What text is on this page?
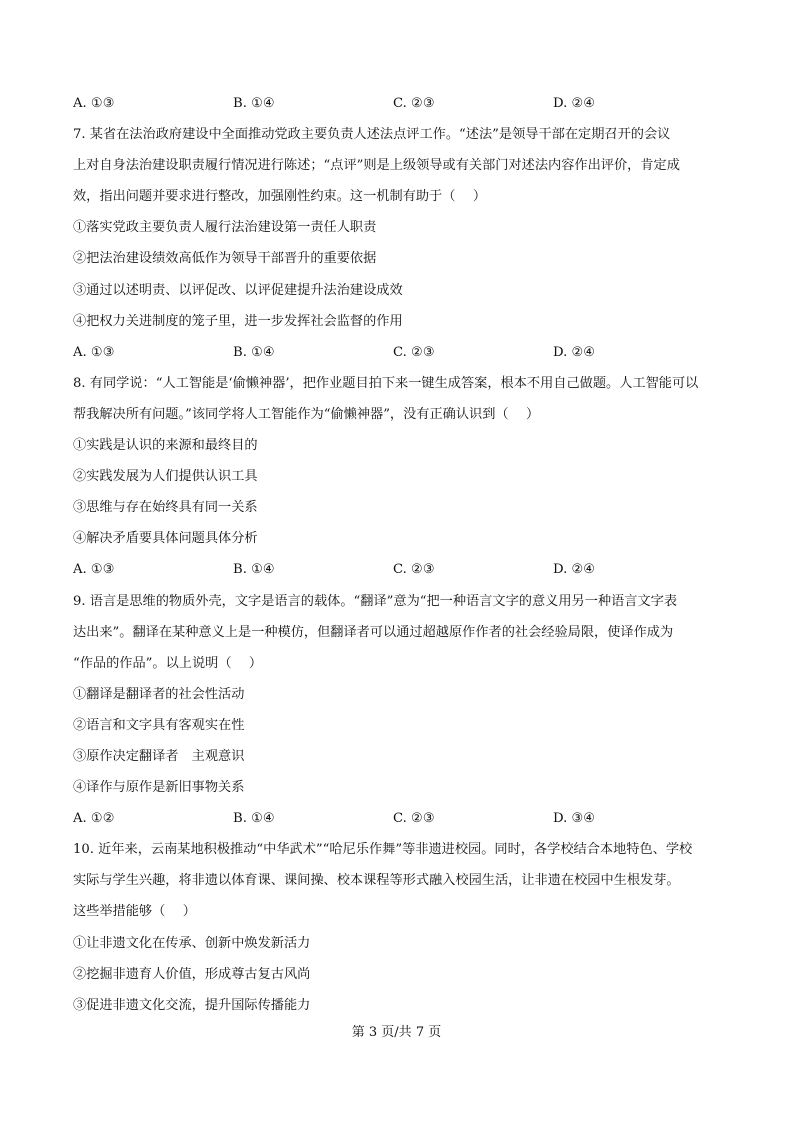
A. ①③	B. ①④	C. ②③	D. ②④
7. 某省在法治政府建设中全面推动党政主要负责人述法点评工作。“述法”是领导干部在定期召开的会议
上对自身法治建设职责履行情况进行陈述；“点评”则是上级领导或有关部门对述法内容作出评价，肯定成
效，指出问题并要求进行整改，加强刚性约束。这一机制有助于（　 ）
①落实党政主要负责人履行法治建设第一责任人职责
②把法治建设绩效高低作为领导干部晋升的重要依据
③通过以述明责、以评促改、以评促建提升法治建设成效
④把权力关进制度的笼子里，进一步发挥社会监督的作用
A. ①③	B. ①④	C. ②③	D. ②④
8. 有同学说：“人工智能是‘偷懒神器’，把作业题目拍下来一键生成答案，根本不用自己做题。人工智能可以
帮我解决所有问题。”该同学将人工智能作为“偷懒神器”，没有正确认识到（　 ）
①实践是认识的来源和最终目的
②实践发展为人们提供认识工具
③思维与存在始终具有同一关系
④解决矛盾要具体问题具体分析
A. ①③	B. ①④	C. ②③	D. ②④
9. 语言是思维的物质外壳，文字是语言的载体。“翻译”意为“把一种语言文字的意义用另一种语言文字表
达出来”。翻译在某种意义上是一种模仿，但翻译者可以通过超越原作作者的社会经验局限，使译作成为
“作品的作品”。以上说明（　 ）
①翻译是翻译者的社会性活动
②语言和文字具有客观实在性
③原作决定翻译者　主观意识
④译作与原作是新旧事物关系
A. ①②	B. ①④	C. ②③	D. ③④
10. 近年来，云南某地积极推动“中华武术”“哈尼乐作舞”等非遗进校园。同时，各学校结合本地特色、学校
实际与学生兴趣，将非遗以体育课、课间操、校本课程等形式融入校园生活，让非遗在校园中生根发芽。
这些举措能够（　 ）
①让非遗文化在传承、创新中焕发新活力
②挖掘非遗育人价值，形成尊古复古风尚
③促进非遗文化交流，提升国际传播能力
第 3 页/共 7 页
